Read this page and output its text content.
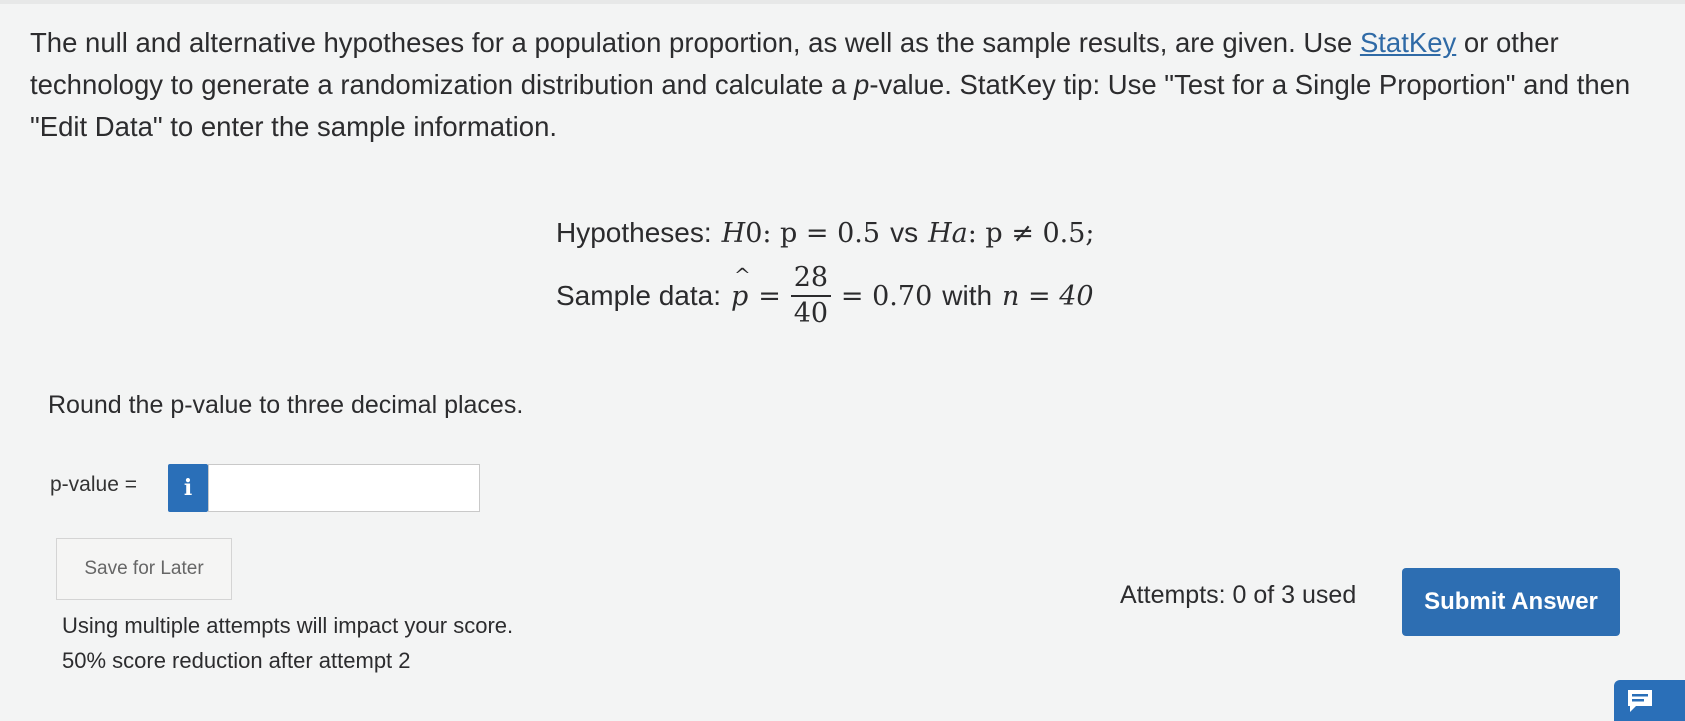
The null and alternative hypotheses for a population proportion, as well as the sample results, are given. Use StatKey or other technology to generate a randomization distribution and calculate a p-value. StatKey tip: Use "Test for a Single Proportion" and then "Edit Data" to enter the sample information.
Hypotheses: H 0 : p = 0.5 vs H a : p ≠ 0.5;
Sample data:
^
$p = \frac{28}{40} = 0.70$ with n = 40
Round the p-value to three decimal places.
p-value =	i
Save for Later
Using multiple attempts will impact your score.
50% score reduction after attempt 2
Attempts: 0 of 3 used	Submit Answer
